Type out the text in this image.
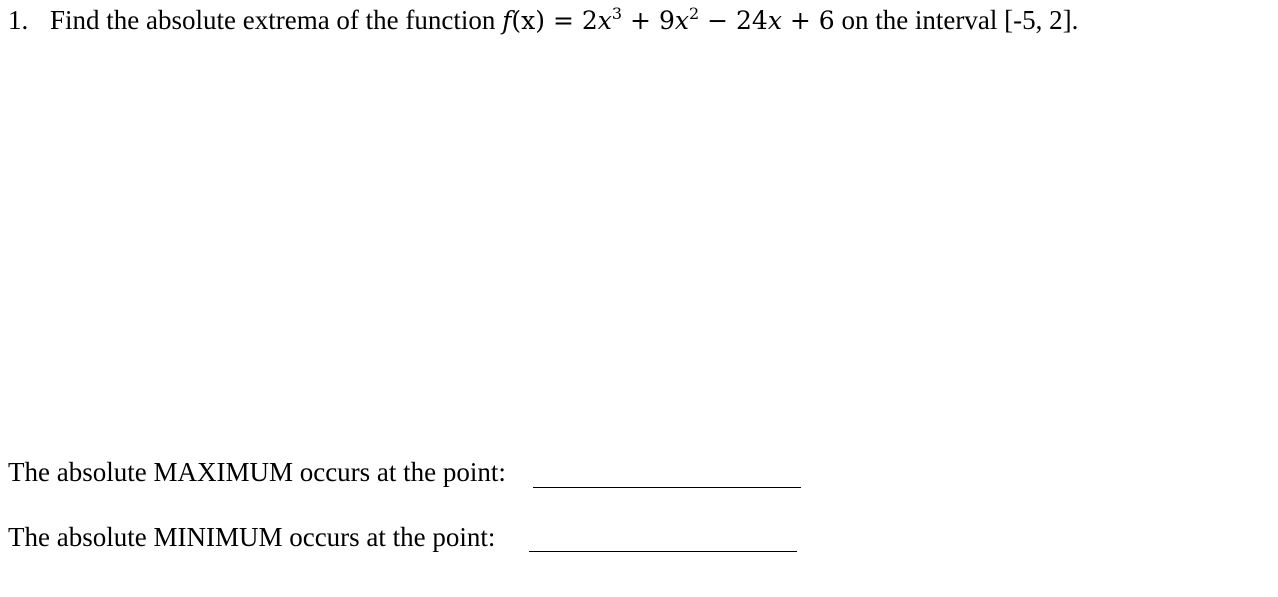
1. Find the absolute extrema of the function $f(x) = 2x^3 + 9x^2 - 24x + 6$ on the interval [-5, 2].
The absolute MAXIMUM occurs at the point:
The absolute MINIMUM occurs at the point:
